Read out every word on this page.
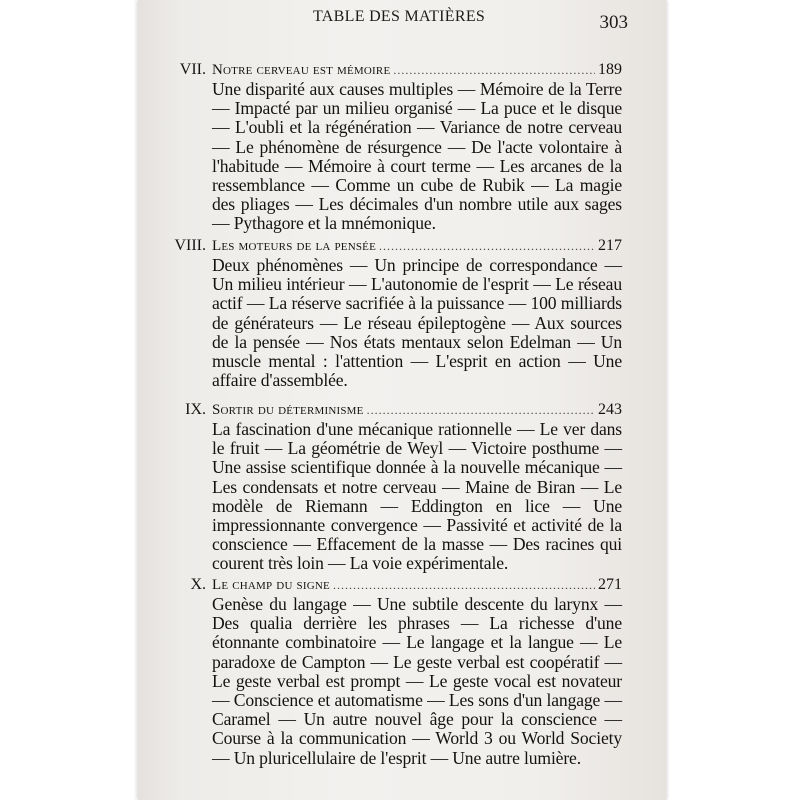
TABLE DES MATIÈRES	303
VII. Notre cerveau est mémoire .....	189

Une disparité aux causes multiples — Mémoire de la Terre — Impacté par un milieu organisé — La puce et le disque — L'oubli et la régénération — Variance de notre cerveau — Le phénomène de résurgence — De l'acte volontaire à l'habitude — Mémoire à court terme — Les arcanes de la ressemblance — Comme un cube de Rubik — La magie des pliages — Les décimales d'un nombre utile aux sages — Pythagore et la mnémonique.

VIII. Les moteurs de la pensée .....	217

Deux phénomènes — Un principe de correspondance — Un milieu intérieur — L'autonomie de l'esprit — Le réseau actif — La réserve sacrifiée à la puissance — 100 milliards de générateurs — Le réseau épileptogène — Aux sources de la pensée — Nos états mentaux selon Edelman — Un muscle mental : l'attention — L'esprit en action — Une affaire d'assemblée.

IX. Sortir du déterminisme .....	243

La fascination d'une mécanique rationnelle — Le ver dans le fruit — La géométrie de Weyl — Victoire posthume — Une assise scientifique donnée à la nouvelle mécanique — Les condensats et notre cerveau — Maine de Biran — Le modèle de Riemann — Eddington en lice — Une impressionnante convergence — Passivité et activité de la conscience — Effacement de la masse — Des racines qui courent très loin — La voie expérimentale.

X. Le champ du signe .....	271

Genèse du langage — Une subtile descente du larynx — Des qualia derrière les phrases — La richesse d'une étonnante combinatoire — Le langage et la langue — Le paradoxe de Campton — Le geste verbal est coopératif — Le geste verbal est prompt — Le geste vocal est novateur — Conscience et automatisme — Les sons d'un langage — Caramel — Un autre nouvel âge pour la conscience — Course à la communication — World 3 ou World Society — Un pluricellulaire de l'esprit — Une autre lumière.
